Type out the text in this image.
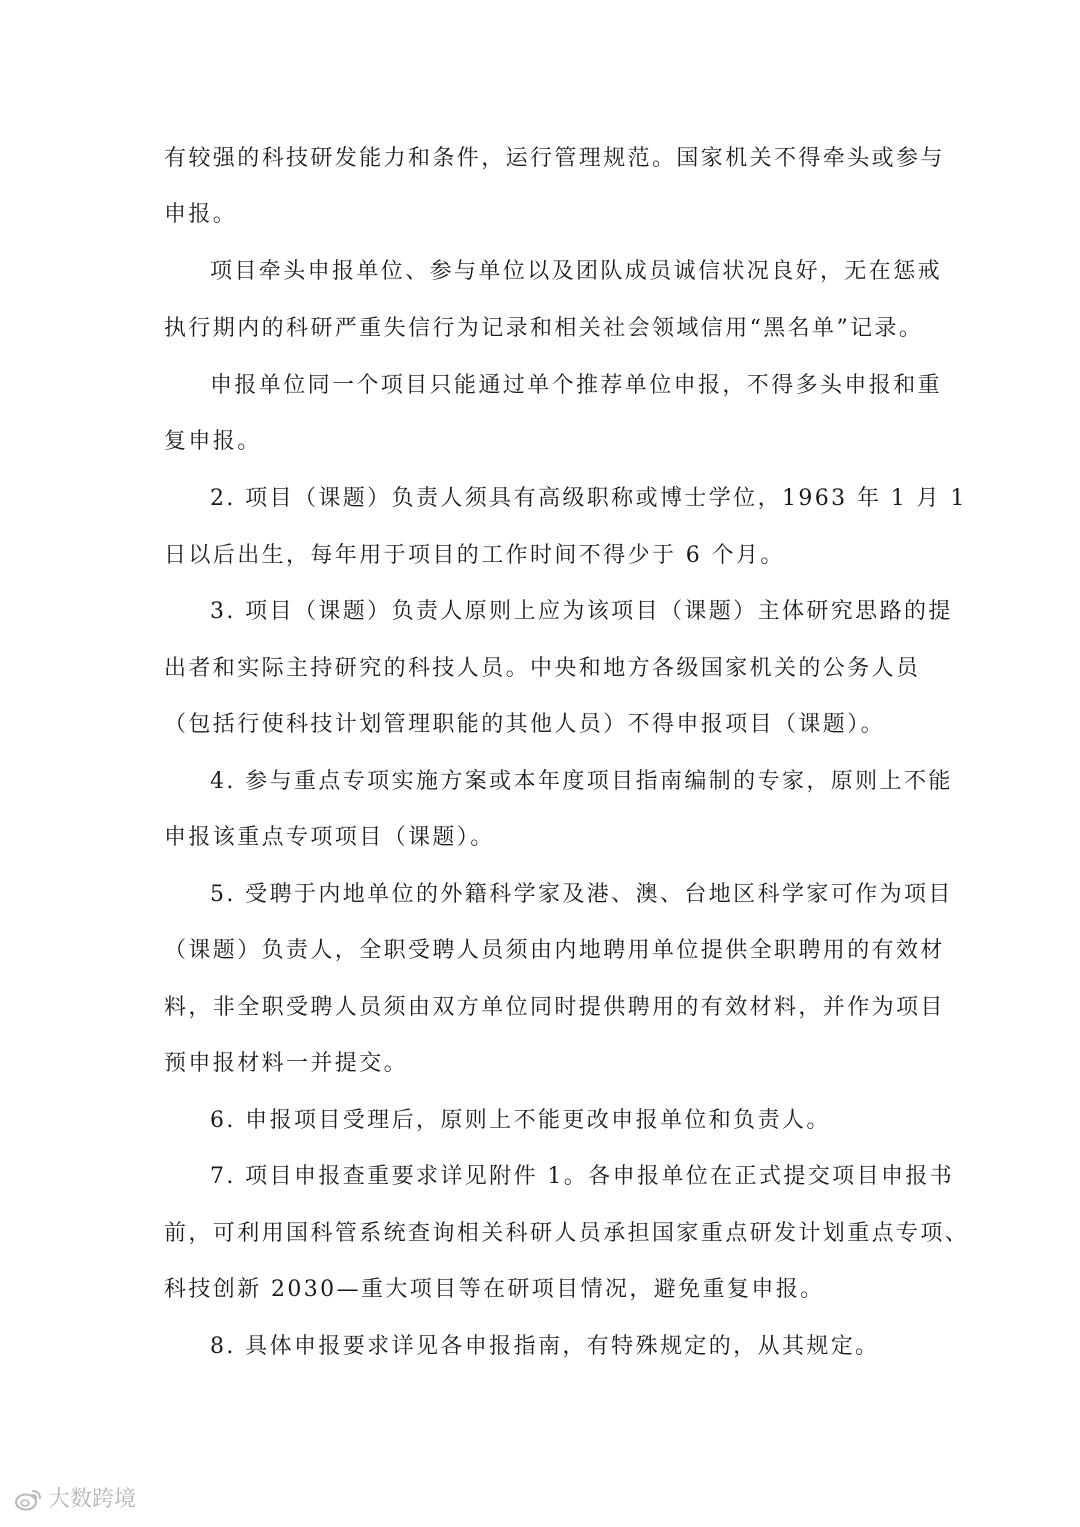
有较强的科技研发能力和条件，运行管理规范。国家机关不得牵头或参与
申报。
项目牵头申报单位、参与单位以及团队成员诚信状况良好，无在惩戒
执行期内的科研严重失信行为记录和相关社会领域信用“黑名单”记录。
申报单位同一个项目只能通过单个推荐单位申报，不得多头申报和重
复申报。
2. 项目（课题）负责人须具有高级职称或博士学位，1963 年 1 月 1
日以后出生，每年用于项目的工作时间不得少于 6 个月。
3. 项目（课题）负责人原则上应为该项目（课题）主体研究思路的提
出者和实际主持研究的科技人员。中央和地方各级国家机关的公务人员
（包括行使科技计划管理职能的其他人员）不得申报项目（课题）。
4. 参与重点专项实施方案或本年度项目指南编制的专家，原则上不能
申报该重点专项项目（课题）。
5. 受聘于内地单位的外籍科学家及港、澳、台地区科学家可作为项目
（课题）负责人，全职受聘人员须由内地聘用单位提供全职聘用的有效材
料，非全职受聘人员须由双方单位同时提供聘用的有效材料，并作为项目
预申报材料一并提交。
6. 申报项目受理后，原则上不能更改申报单位和负责人。
7. 项目申报查重要求详见附件 1。各申报单位在正式提交项目申报书
前，可利用国科管系统查询相关科研人员承担国家重点研发计划重点专项、
科技创新 2030—重大项目等在研项目情况，避免重复申报。
8. 具体申报要求详见各申报指南，有特殊规定的，从其规定。
大数跨境
